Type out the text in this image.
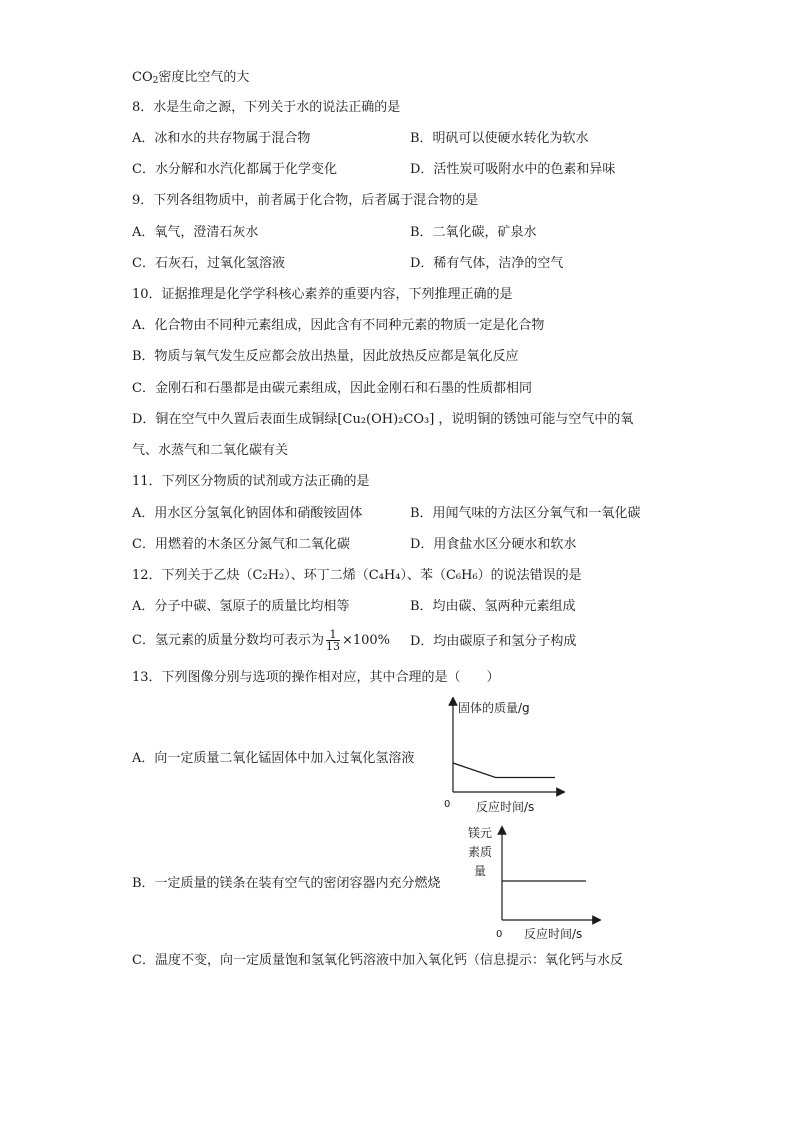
$CO_2$密度比空气的大
8．水是生命之源，下列关于水的说法正确的是
A．冰和水的共存物属于混合物	B．明矾可以使硬水转化为软水
C．水分解和水汽化都属于化学变化	D．活性炭可吸附水中的色素和异味
9．下列各组物质中，前者属于化合物，后者属于混合物的是
A．氧气，澄清石灰水	B．二氧化碳，矿泉水
C．石灰石，过氧化氢溶液	D．稀有气体，洁净的空气
10．证据推理是化学学科核心素养的重要内容，下列推理正确的是
A．化合物由不同种元素组成，因此含有不同种元素的物质一定是化合物
B．物质与氧气发生反应都会放出热量，因此放热反应都是氧化反应
C．金刚石和石墨都是由碳元素组成，因此金刚石和石墨的性质都相同
D．铜在空气中久置后表面生成铜绿[Cu₂(OH)₂CO₃] ，说明铜的锈蚀可能与空气中的氧
气、水蒸气和二氧化碳有关
11．下列区分物质的试剂或方法正确的是
A．用水区分氢氧化钠固体和硝酸铵固体	B．用闻气味的方法区分氧气和一氧化碳
C．用燃着的木条区分氮气和二氧化碳	D．用食盐水区分硬水和软水
12．下列关于乙炔（C₂H₂）、环丁二烯（C₄H₄）、苯（C₆H₆）的说法错误的是
A．分子中碳、氢原子的质量比均相等	B．均由碳、氢两种元素组成
C．氢元素的质量分数均可表示为 $\frac{1}{13} \times 100\%$ D．均由碳原子和氢分子构成
13．下列图像分别与选项的操作相对应，其中合理的是（　　）
A．向一定质量二氧化锰固体中加入过氧化氢溶液
B．一定质量的镁条在装有空气的密闭容器内充分燃烧
C．温度不变，向一定质量饱和氢氧化钙溶液中加入氧化钙（信息提示：氧化钙与水反
固体的质量/g
反应时间/s
0
镁元
素质
量
反应时间/s
0
